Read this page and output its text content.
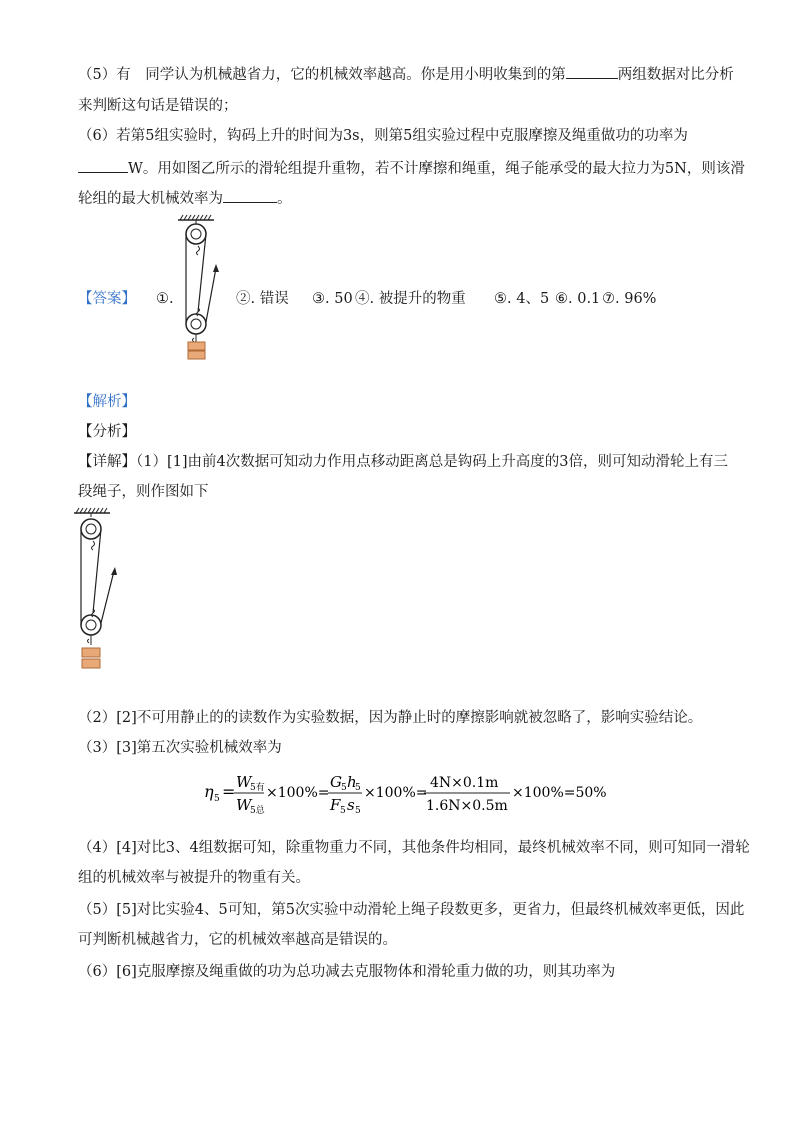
（5）有　同学认为机械越省力，它的机械效率越高。你是用小明收集到的第	两组数据对比分析
来判断这句话是错误的；
（6）若第5组实验时，钩码上升的时间为3s，则第5组实验过程中克服摩擦及绳重做功的功率为
W。用如图乙所示的滑轮组提升重物，若不计摩擦和绳重，绳子能承受的最大拉力为5N，则该滑
轮组的最大机械效率为	。
【答案】 ①.	②. 错误 ③. 50 ④. 被提升的物重 ⑤. 4、5 ⑥. 0.1 ⑦. 96%
【解析】
【分析】
【详解】（1）[1]由前4次数据可知动力作用点移动距离总是钩码上升高度的3倍，则可知动滑轮上有三
段绳子，则作图如下
（2）[2]不可用静止的的读数作为实验数据，因为静止时的摩擦影响就被忽略了，影响实验结论。
（3）[3]第五次实验机械效率为
η 5 = W
5有
W
5总
×100%=
G 5 h
5
F 5 s 5
×100%=
4N×0.1m
1.6N×0.5m
×100%=50%
（4）[4]对比3、4组数据可知，除重物重力不同，其他条件均相同，最终机械效率不同，则可知同一滑轮
组的机械效率与被提升的物重有关。
（5）[5]对比实验4、5可知，第5次实验中动滑轮上绳子段数更多，更省力，但最终机械效率更低，因此
可判断机械越省力，它的机械效率越高是错误的。
（6）[6]克服摩擦及绳重做的功为总功减去克服物体和滑轮重力做的功，则其功率为
